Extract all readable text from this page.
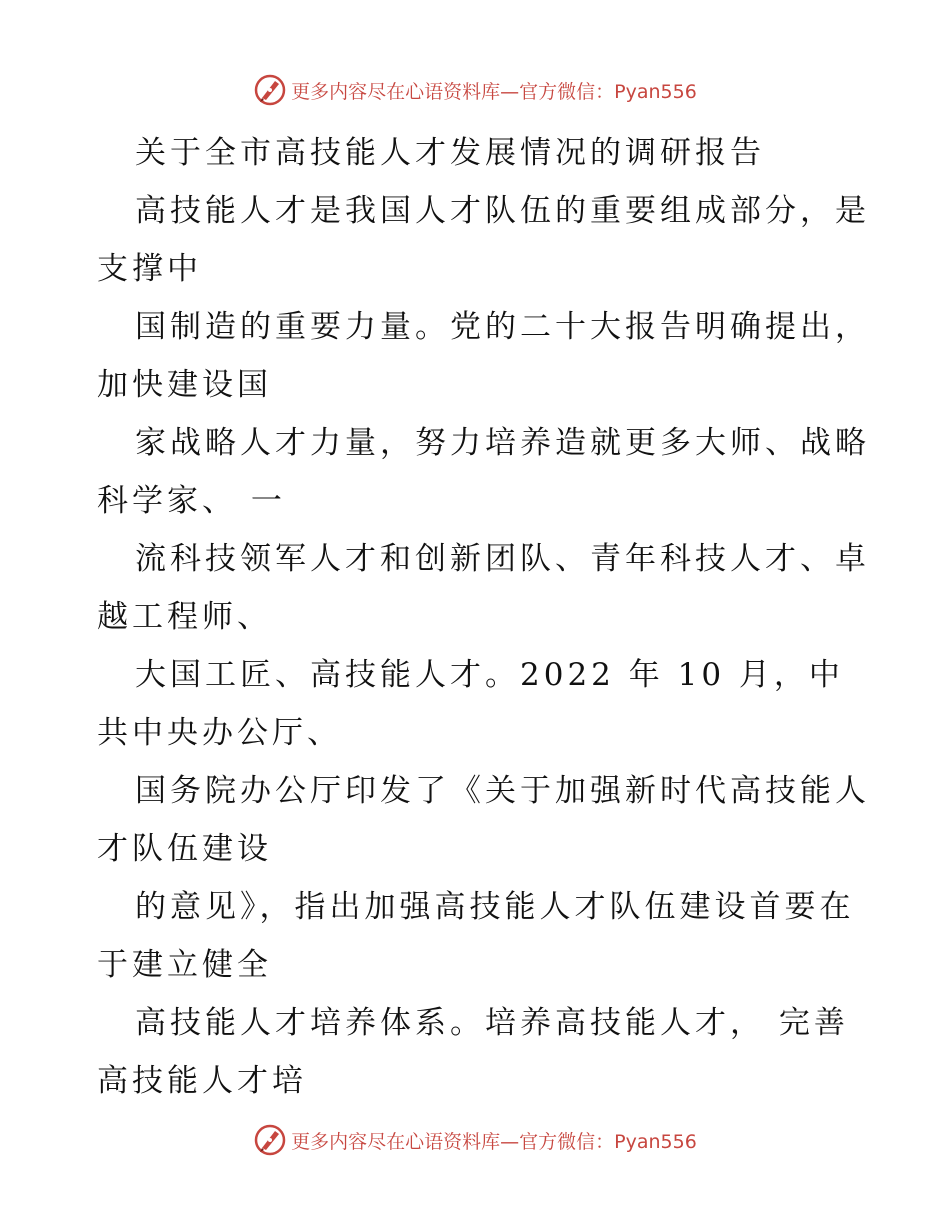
更多内容尽在心语资料库—官方微信：Pyan556
关于全市高技能人才发展情况的调研报告
高技能人才是我国人才队伍的重要组成部分，是
支撑中
国制造的重要力量。党的二十大报告明确提出，
加快建设国
家战略人才力量，努力培养造就更多大师、战略
科学家、 一
流科技领军人才和创新团队、青年科技人才、卓
越工程师、
大国工匠、高技能人才。2022 年 10 月，中
共中央办公厅、
国务院办公厅印发了《关于加强新时代高技能人
才队伍建设
的意见》，指出加强高技能人才队伍建设首要在
于建立健全
高技能人才培养体系。培养高技能人才， 完善
高技能人才培
更多内容尽在心语资料库—官方微信：Pyan556
